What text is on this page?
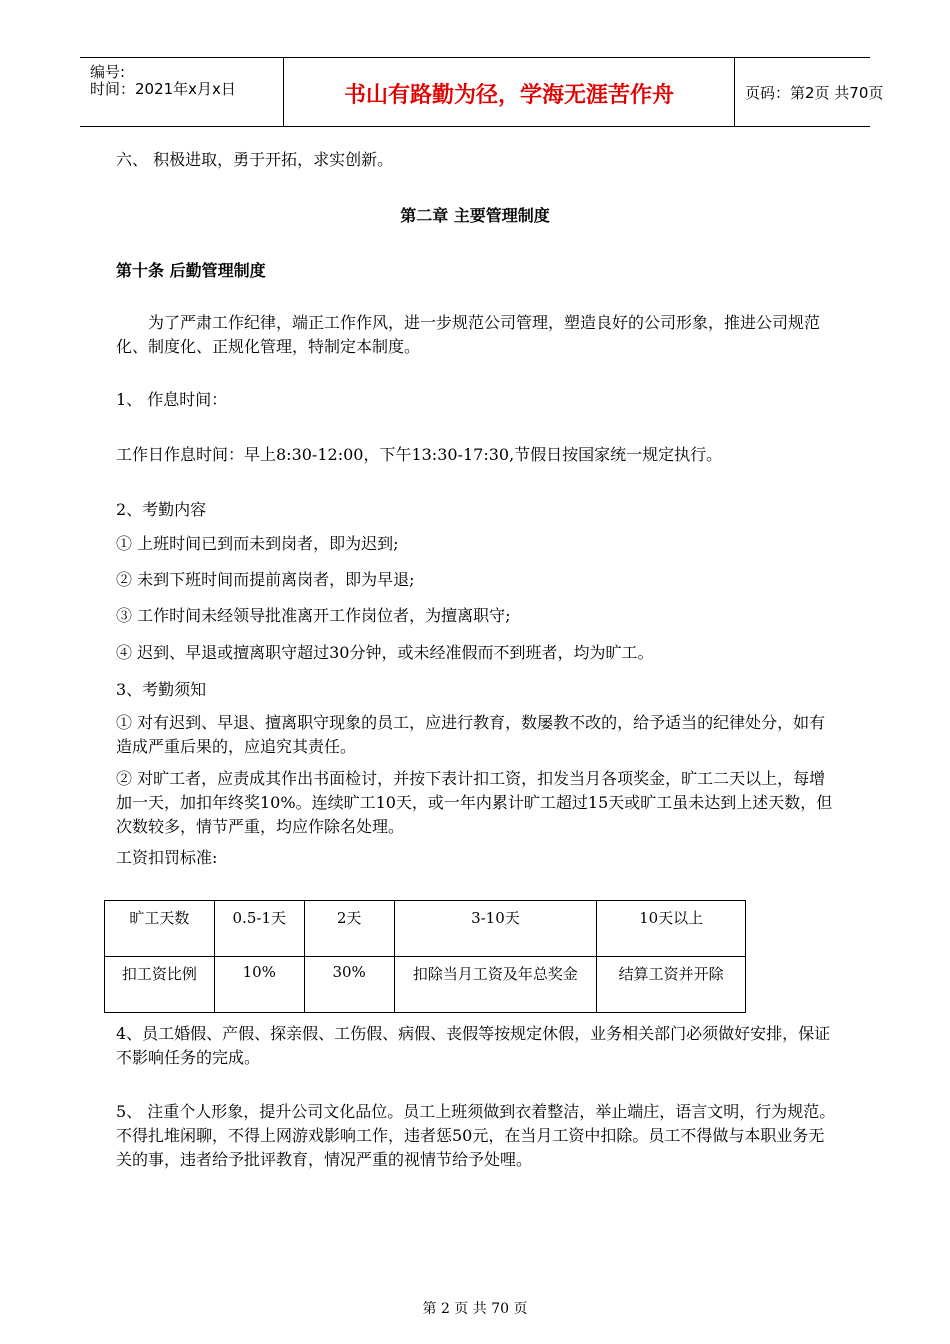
编号:
时间：2021年x月x日	书山有路勤为径，学海无涯苦作舟	页码：第2页 共70页
六、 积极进取，勇于开拓，求实创新。
第二章 主要管理制度
第十条 后勤管理制度
为了严肃工作纪律，端正工作作风，进一步规范公司管理，塑造良好的公司形象，推进公司规范化、制度化、正规化管理，特制定本制度。
1、 作息时间：
工作日作息时间：早上8:30-12:00，下午13:30-17:30,节假日按国家统一规定执行。
2、考勤内容
① 上班时间已到而未到岗者，即为迟到;
② 未到下班时间而提前离岗者，即为早退;
③ 工作时间未经领导批准离开工作岗位者，为擅离职守;
④ 迟到、早退或擅离职守超过30分钟，或未经准假而不到班者，均为旷工。
3、考勤须知
① 对有迟到、早退、擅离职守现象的员工，应进行教育，数屡教不改的，给予适当的纪律处分，如有造成严重后果的，应追究其责任。
② 对旷工者，应责成其作出书面检讨，并按下表计扣工资，扣发当月各项奖金，旷工二天以上，每增加一天，加扣年终奖10%。连续旷工10天，或一年内累计旷工超过15天或旷工虽未达到上述天数，但次数较多，情节严重，均应作除名处理。
工资扣罚标准:
旷工天数	0.5-1天	2天	3-10天	10天以上
扣工资比例	10%	30%	扣除当月工资及年总奖金	结算工资并开除
4、员工婚假、产假、探亲假、工伤假、病假、丧假等按规定休假，业务相关部门必须做好安排，保证不影响任务的完成。
5、 注重个人形象，提升公司文化品位。员工上班须做到衣着整洁，举止端庄，语言文明，行为规范。不得扎堆闲聊，不得上网游戏影响工作，违者惩50元，在当月工资中扣除。员工不得做与本职业务无关的事，违者给予批评教育，情况严重的视情节给予处哩。
第 2 页 共 70 页
